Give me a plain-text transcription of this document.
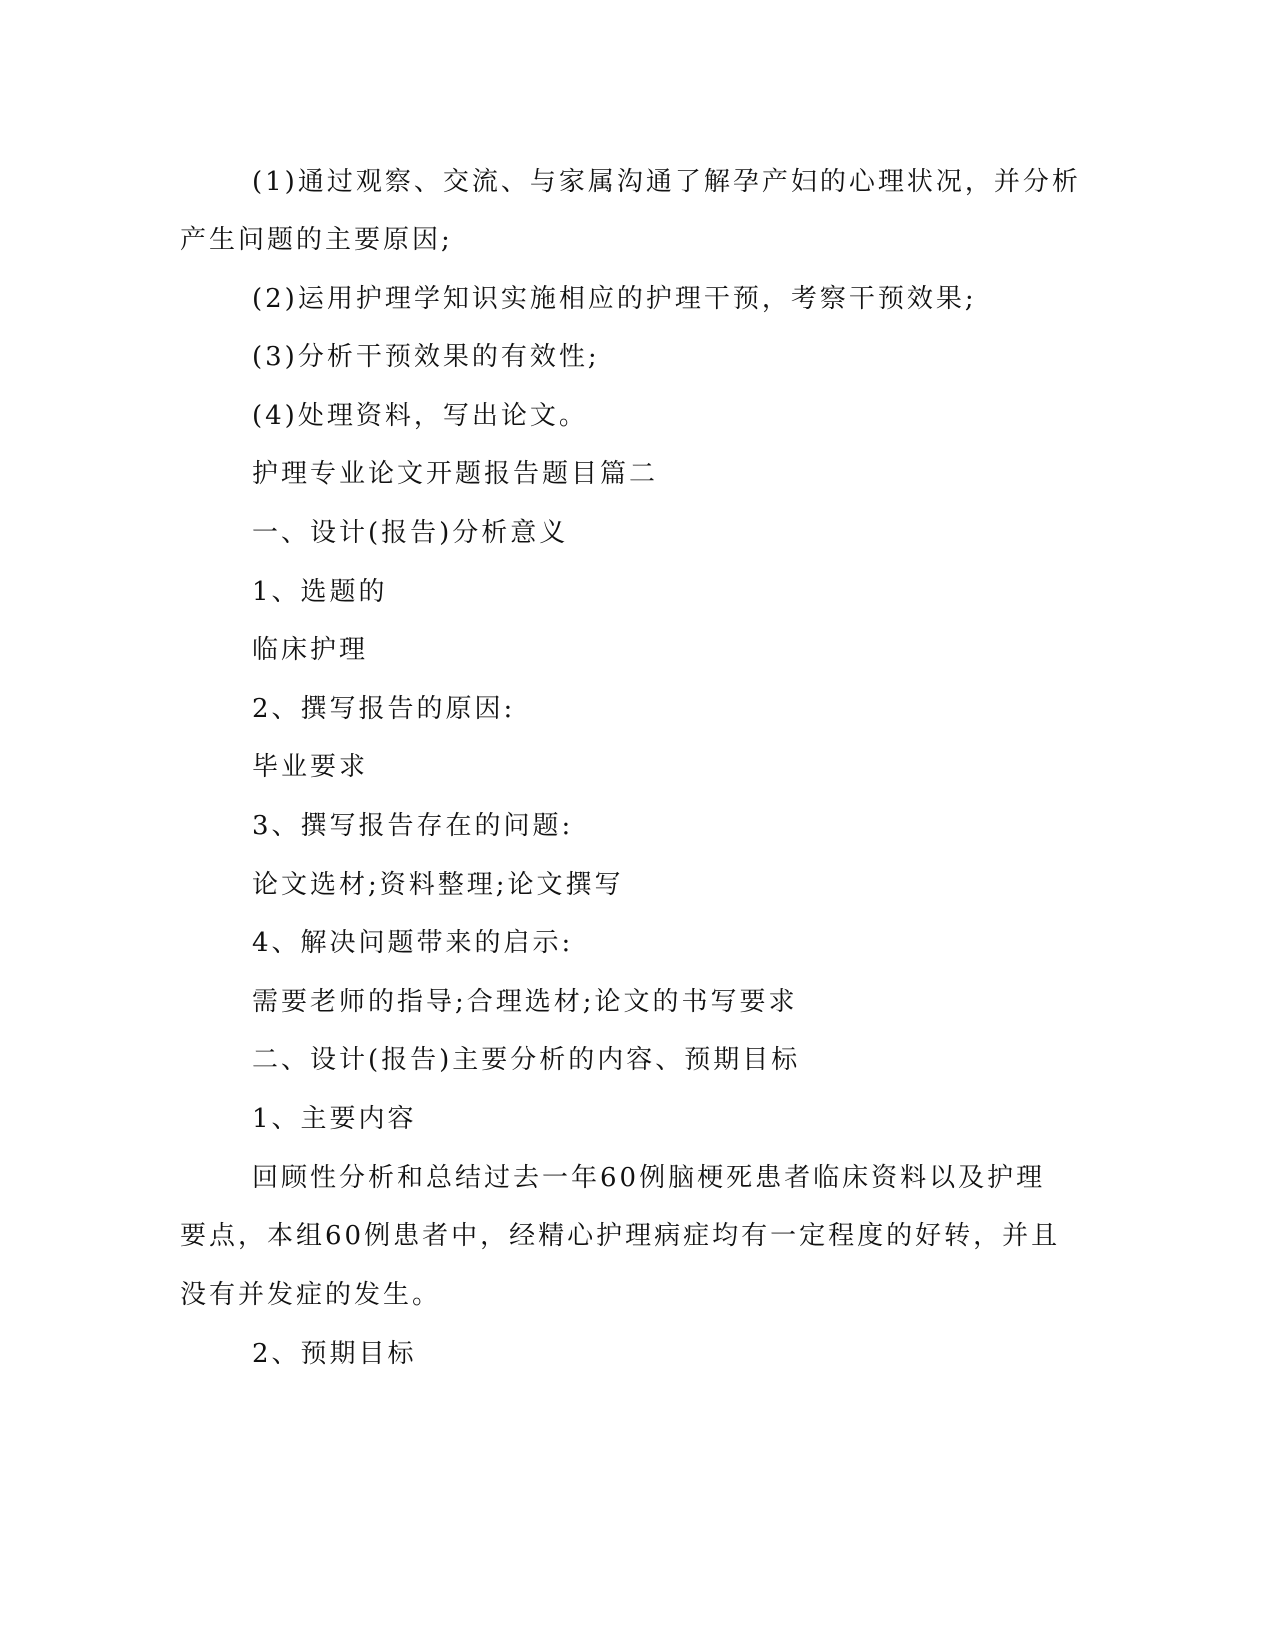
(1)通过观察、交流、与家属沟通了解孕产妇的心理状况，并分析
产生问题的主要原因;
(2)运用护理学知识实施相应的护理干预，考察干预效果;
(3)分析干预效果的有效性;
(4)处理资料，写出论文。
护理专业论文开题报告题目篇二
一、设计(报告)分析意义
1、选题的
临床护理
2、撰写报告的原因:
毕业要求
3、撰写报告存在的问题:
论文选材;资料整理;论文撰写
4、解决问题带来的启示:
需要老师的指导;合理选材;论文的书写要求
二、设计(报告)主要分析的内容、预期目标
1、主要内容
回顾性分析和总结过去一年60例脑梗死患者临床资料以及护理
要点，本组60例患者中，经精心护理病症均有一定程度的好转，并且
没有并发症的发生。
2、预期目标
